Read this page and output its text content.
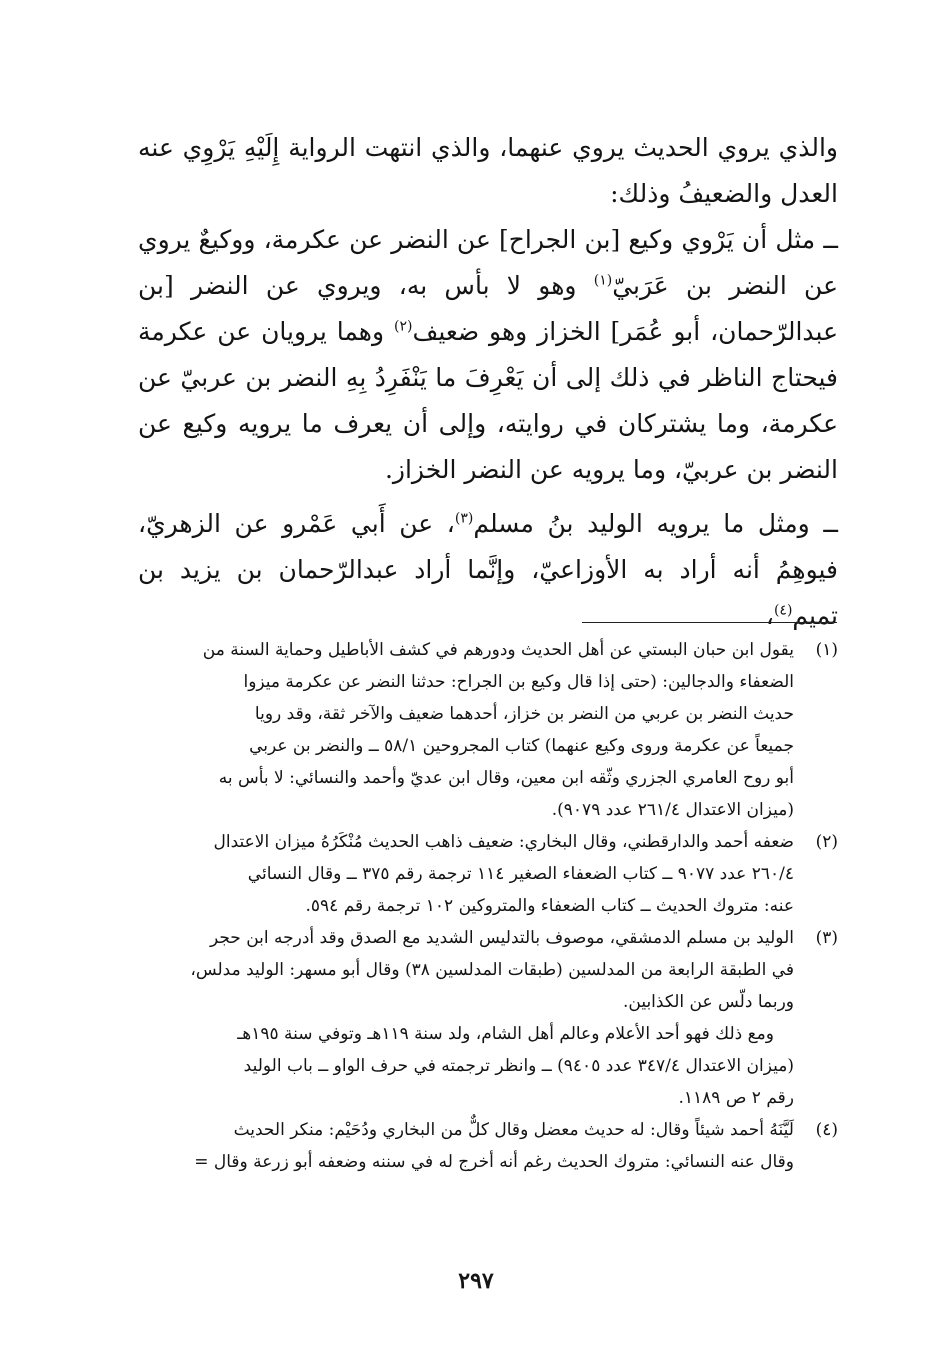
والذي يروي الحديث يروي عنهما، والذي انتهت الرواية إِلَيْهِ يَرْوِي عنه العدل والضعيفُ وذلك:

ــ مثل أن يَرْوي وكيع [بن الجراح] عن النضر عن عكرمة، ووكيعٌ يروي عن النضر بن عَرَبيّ$^{(١)}$ وهو لا بأس به، ويروي عن النضر [بن عبدالرّحمان، أبو عُمَر] الخزاز وهو ضعيف$^{(٢)}$ وهما يرويان عن عكرمة فيحتاج الناظر في ذلك إلى أن يَعْرِفَ ما يَنْفَرِدُ بِهِ النضر بن عربيّ عن عكرمة، وما يشتركان في روايته، وإلى أن يعرف ما يرويه وكيع عن النضر بن عربيّ، وما يرويه عن النضر الخزاز.

ــ ومثل ما يرويه الوليد بنُ مسلم$^{(٣)}$، عن أَبي عَمْرو عن الزهريّ، فيوهِمُ أنه أراد به الأوزاعيّ، وإنَّما أراد عبدالرّحمان بن يزيد بن تميم$^{(٤)}$،

(١)
يقول ابن حبان البستي عن أهل الحديث ودورهم في كشف الأباطيل وحماية السنة من
الضعفاء والدجالين: (حتى إذا قال وكيع بن الجراح: حدثنا النضر عن عكرمة ميزوا
حديث النضر بن عربي من النضر بن خزاز، أحدهما ضعيف والآخر ثقة، وقد رويا
جميعاً عن عكرمة وروى وكيع عنهما) كتاب المجروحين ٥٨/١ ــ والنضر بن عربي
أبو روح العامري الجزري وثّقه ابن معين، وقال ابن عديّ وأحمد والنسائي: لا بأس به
(ميزان الاعتدال ٢٦١/٤ عدد ٩٠٧٩).
(٢)
ضعفه أحمد والدارقطني، وقال البخاري: ضعيف ذاهب الحديث مُنْكَرُهُ ميزان الاعتدال
٢٦٠/٤ عدد ٩٠٧٧ ــ كتاب الضعفاء الصغير ١١٤ ترجمة رقم ٣٧٥ ــ وقال النسائي
عنه: متروك الحديث ــ كتاب الضعفاء والمتروكين ١٠٢ ترجمة رقم ٥٩٤.
(٣)
الوليد بن مسلم الدمشقي، موصوف بالتدليس الشديد مع الصدق وقد أدرجه ابن حجر
في الطبقة الرابعة من المدلسين (طبقات المدلسين ٣٨) وقال أبو مسهر: الوليد مدلس،
وربما دلّس عن الكذابين.
ومع ذلك فهو أحد الأعلام وعالم أهل الشام، ولد سنة ١١٩هـ وتوفي سنة ١٩٥هـ
(ميزان الاعتدال ٣٤٧/٤ عدد ٩٤٠٥) ــ وانظر ترجمته في حرف الواو ــ باب الوليد
رقم ٢ ص ١١٨٩.
(٤)
لَيَّنَهُ أحمد شيئاً وقال: له حديث معضل وقال كلٌّ من البخاري ودُحَيْم: منكر الحديث
وقال عنه النسائي: متروك الحديث رغم أنه أخرج له في سننه وضعفه أبو زرعة وقال =
٢٩٧
